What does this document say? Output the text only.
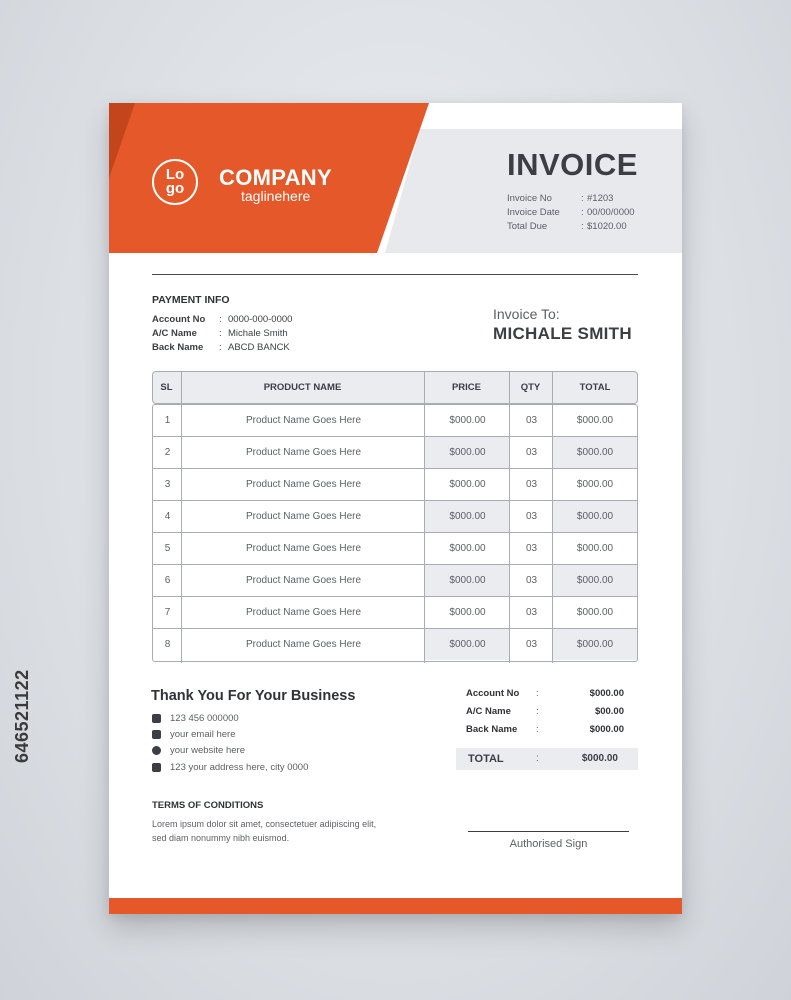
Lo
go	COMPANY
taglinehere
INVOICE
Invoice No	: #1203
Invoice Date	: 00/00/0000
Total Due	: $1020.00
PAYMENT INFO
Account No : 0000-000-0000
A/C Name : Michale Smith
Back Name : ABCD BANCK
Invoice To:
MICHALE SMITH
SL	PRODUCT NAME	PRICE	QTY	TOTAL
1	Product Name Goes Here	$000.00	03	$000.00
2	Product Name Goes Here	$000.00	03	$000.00
3	Product Name Goes Here	$000.00	03	$000.00
4	Product Name Goes Here	$000.00	03	$000.00
5	Product Name Goes Here	$000.00	03	$000.00
6	Product Name Goes Here	$000.00	03	$000.00
7	Product Name Goes Here	$000.00	03	$000.00
8	Product Name Goes Here	$000.00	03	$000.00
Thank You For Your Business
123 456 000000
your email here
your website here
123 your address here, city 0000
TERMS OF CONDITIONS
Lorem ipsum dolor sit amet, consectetuer adipiscing elit, sed diam nonummy nibh euismod.
Account No :	$000.00
A/C Name	:	$00.00
Back Name :	$000.00
TOTAL	:	$000.00
Authorised Sign
646521122
